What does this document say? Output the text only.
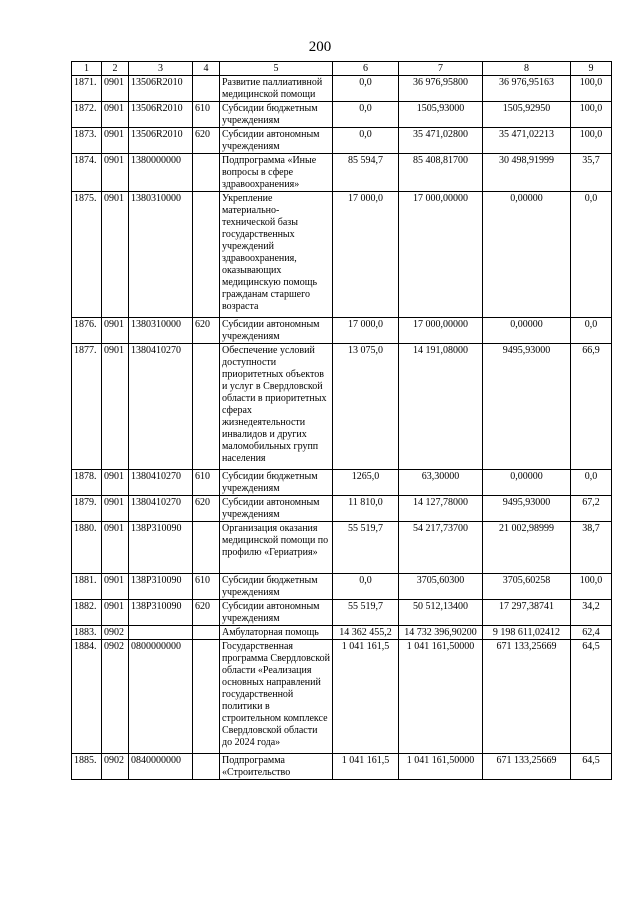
200
1	2	3	4	5	6	7	8	9
1871.	0901	13506R2010		Развитие паллиативной медицинской помощи	0,0	36 976,95800	36 976,95163	100,0
1872.	0901	13506R2010	610	Субсидии бюджетным учреждениям	0,0	1505,93000	1505,92950	100,0
1873.	0901	13506R2010	620	Субсидии автономным учреждениям	0,0	35 471,02800	35 471,02213	100,0
1874.	0901	1380000000		Подпрограмма «Иные вопросы в сфере здравоохранения»	85 594,7	85 408,81700	30 498,91999	35,7
1875.	0901	1380310000		Укрепление материально-технической базы государственных учреждений здравоохранения, оказывающих медицинскую помощь гражданам старшего возраста	17 000,0	17 000,00000	0,00000	0,0
1876.	0901	1380310000	620	Субсидии автономным учреждениям	17 000,0	17 000,00000	0,00000	0,0
1877.	0901	1380410270		Обеспечение условий доступности приоритетных объектов и услуг в Свердловской области в приоритетных сферах жизнедеятельности инвалидов и других маломобильных групп населения	13 075,0	14 191,08000	9495,93000	66,9
1878.	0901	1380410270	610	Субсидии бюджетным учреждениям	1265,0	63,30000	0,00000	0,0
1879.	0901	1380410270	620	Субсидии автономным учреждениям	11 810,0	14 127,78000	9495,93000	67,2
1880.	0901	138P310090		Организация оказания медицинской помощи по профилю «Гериатрия»	55 519,7	54 217,73700	21 002,98999	38,7
1881.	0901	138P310090	610	Субсидии бюджетным учреждениям	0,0	3705,60300	3705,60258	100,0
1882.	0901	138P310090	620	Субсидии автономным учреждениям	55 519,7	50 512,13400	17 297,38741	34,2
1883.	0902			Амбулаторная помощь	14 362 455,2	14 732 396,90200	9 198 611,02412	62,4
1884.	0902	0800000000		Государственная программа Свердловской области «Реализация основных направлений государственной политики в строительном комплексе Свердловской области до 2024 года»	1 041 161,5	1 041 161,50000	671 133,25669	64,5
1885.	0902	0840000000		Подпрограмма «Строительство	1 041 161,5	1 041 161,50000	671 133,25669	64,5
